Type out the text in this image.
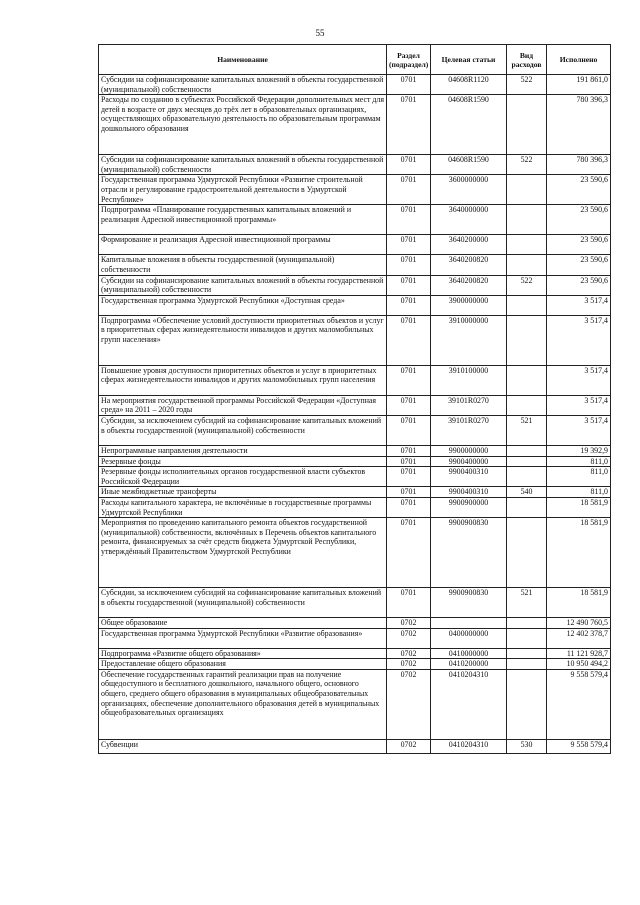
55
Наименование	Раздел (подраздел)	Целевая статьи	Вид расходов	Исполнено
Субсидии на софинансирование капитальных вложений в объекты государственной (муниципальной) собственности	0701	04608R1120	522	191 861,0
Расходы по созданию в субъектах Российской Федерации дополнительных мест для детей в возрасте от двух месяцев до трёх лет в образовательных организациях, осуществляющих образовательную деятельность по образовательным программам дошкольного образования	0701	04608R1590		780 396,3
Субсидии на софинансирование капитальных вложений в объекты государственной (муниципальной) собственности	0701	04608R1590	522	780 396,3
Государственная программа Удмуртской Республики «Развитие строительной отрасли и регулирование градостроительной деятельности в Удмуртской Республике»	0701	3600000000		23 590,6
Подпрограмма «Планирование государственных капитальных вложений и реализация Адресной инвестиционной программы»	0701	3640000000		23 590,6
Формирование и реализация Адресной инвестиционной программы	0701	3640200000		23 590,6
Капитальные вложения в объекты государственной (муниципальной) собственности	0701	3640200820		23 590,6
Субсидии на софинансирование капитальных вложений в объекты государственной (муниципальной) собственности	0701	3640200820	522	23 590,6
Государственная программа Удмуртской Республики «Доступная среда»	0701	3900000000		3 517,4
Подпрограмма «Обеспечение условий доступности приоритетных объектов и услуг в приоритетных сферах жизнедеятельности инвалидов и других маломобильных групп населения»	0701	3910000000		3 517,4
Повышение уровня доступности приоритетных объектов и услуг в приоритетных сферах жизнедеятельности инвалидов и других маломобильных групп населения	0701	3910100000		3 517,4
На мероприятия государственной программы Российской Федерации «Доступная среда» на 2011 – 2020 годы	0701	39101R0270		3 517,4
Субсидии, за исключением субсидий на софинансирование капитальных вложений в объекты государственной (муниципальной) собственности	0701	39101R0270	521	3 517,4
Непрограммные направления деятельности	0701	9900000000		19 392,9
Резервные фонды	0701	9900400000		811,0
Резервные фонды исполнительных органов государственной власти субъектов Российской Федерации	0701	9900400310		811,0
Иные межбюджетные трансферты	0701	9900400310	540	811,0
Расходы капитального характера, не включённые в государственные программы Удмуртской Республики	0701	9900900000		18 581,9
Мероприятия по проведению капитального ремонта объектов государственной (муниципальной) собственности, включённых в Перечень объектов капитального ремонта, финансируемых за счёт средств бюджета Удмуртской Республики, утверждённый Правительством Удмуртской Республики	0701	9900900830		18 581,9
Субсидии, за исключением субсидий на софинансирование капитальных вложений в объекты государственной (муниципальной) собственности	0701	9900900830	521	18 581,9
Общее образование	0702			12 490 760,5
Государственная программа Удмуртской Республики «Развитие образования»	0702	0400000000		12 402 378,7
Подпрограмма «Развитие общего образования»	0702	0410000000		11 121 928,7
Предоставление общего образования	0702	0410200000		10 950 494,2
Обеспечение государственных гарантий реализации прав на получение общедоступного и бесплатного дошкольного, начального общего, основного общего, среднего общего образования в муниципальных общеобразовательных организациях, обеспечение дополнительного образования детей в муниципальных общеобразовательных организациях	0702	0410204310		9 558 579,4
Субвенции	0702	0410204310	530	9 558 579,4
